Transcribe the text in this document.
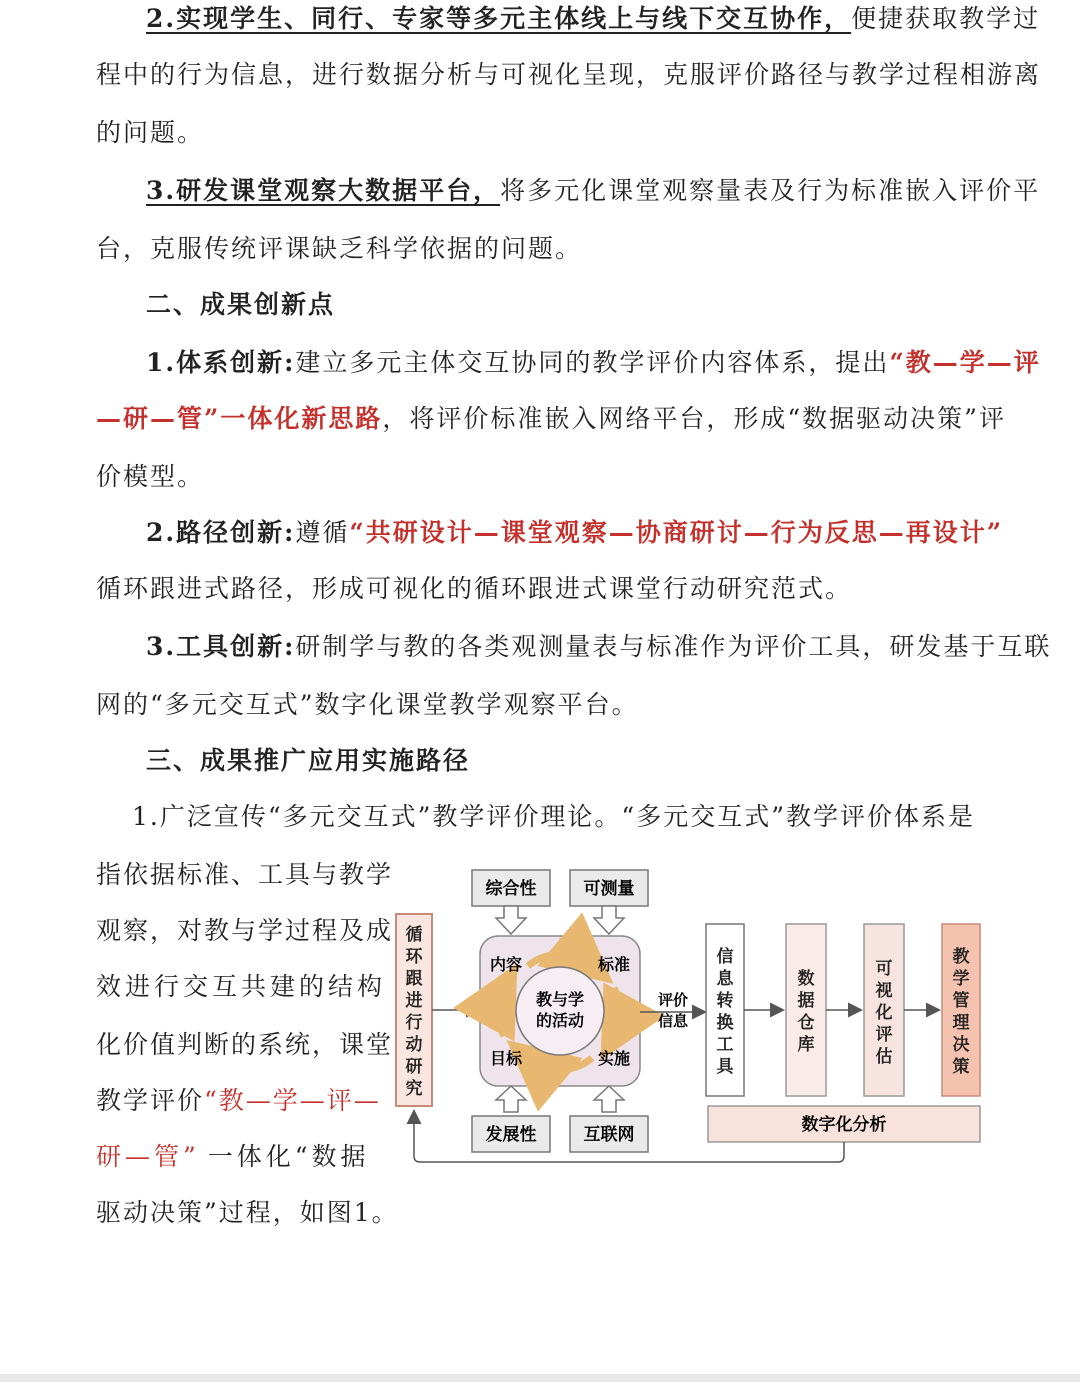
2.实现学生、同行、专家等多元主体线上与线下交互协作，便捷获取教学过
程中的行为信息，进行数据分析与可视化呈现，克服评价路径与教学过程相游离
的问题。
3.研发课堂观察大数据平台，将多元化课堂观察量表及行为标准嵌入评价平
台，克服传统评课缺乏科学依据的问题。
二、成果创新点
1.体系创新:建立多元主体交互协同的教学评价内容体系，提出“教—学—评
—研—管”一体化新思路，将评价标准嵌入网络平台，形成“数据驱动决策”评
价模型。
2.路径创新:遵循“共研设计—课堂观察—协商研讨—行为反思—再设计”
循环跟进式路径，形成可视化的循环跟进式课堂行动研究范式。
3.工具创新:研制学与教的各类观测量表与标准作为评价工具，研发基于互联
网的“多元交互式”数字化课堂教学观察平台。
三、成果推广应用实施路径
1.广泛宣传“多元交互式”教学评价理论。“多元交互式”教学评价体系是
指依据标准、工具与教学
观察，对教与学过程及成
效进行交互共建的结构
化价值判断的系统，课堂
教学评价“教—学—评—
研—管” 一体化“数据
驱动决策”过程，如图1。
循
环
跟
进
行
动
研
究
综合性	可测量
教与学
的活动
内容	标准
目标	实施
发展性	互联网
评价
信息
信
息
转
换
工
具
数
据
仓
库
可
视
化
评
估
教
学
管
理
决
策
数字化分析
